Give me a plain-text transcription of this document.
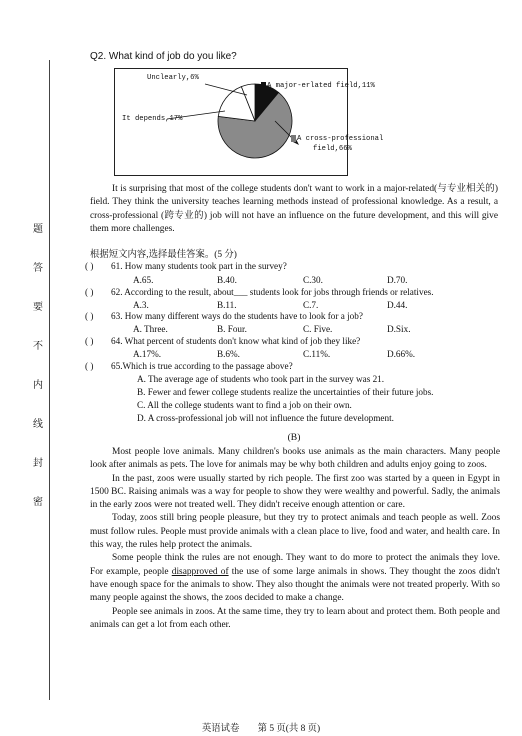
题
答
要
不
内
线
封
密
Q2. What kind of job do you like?
Unclearly,6%
A major-erlated field,11%
It depends,17%
A cross-professional
field,66%
It is surprising that most of the college students don't want to work in a major-related(与专业相关的) field. They think the university teaches learning methods instead of professional knowledge. As a result, a cross-professional (跨专业的) job will not have an influence on the future development, and this will give them more challenges.
根据短文内容,选择最佳答案。(5 分)
( ) 61. How many students took part in the survey?
A.65.	B.40.	C.30.	D.70.
( ) 62. According to the result, about___ students look for jobs through friends or relatives.
A.3.	B.11.	C.7.	D.44.
( ) 63. How many different ways do the students have to look for a job?
A. Three.	B. Four.	C. Five.	D.Six.
( ) 64. What percent of students don't know what kind of job they like?
A.17%.	B.6%.	C.11%.	D.66%.
( ) 65.Which is true according to the passage above?
A. The average age of students who took part in the survey was 21.
B. Fewer and fewer college students realize the uncertainties of their future jobs.
C. All the college students want to find a job on their own.
D. A cross-professional job will not influence the future development.
(B)

Most people love animals. Many children's books use animals as the main characters. Many people look after animals as pets. The love for animals may be why both children and adults enjoy going to zoos.

In the past, zoos were usually started by rich people. The first zoo was started by a queen in Egypt in 1500 BC. Raising animals was a way for people to show they were wealthy and powerful. Sadly, the animals in the early zoos were not treated well. They didn't receive enough attention or care.

Today, zoos still bring people pleasure, but they try to protect animals and teach people as well. Zoos must follow rules. People must provide animals with a clean place to live, food and water, and health care. In this way, the rules help protect the animals.

Some people think the rules are not enough. They want to do more to protect the animals they love. For example, people disapproved of the use of some large animals in shows. They thought the zoos didn't have enough space for the animals to show. They also thought the animals were not treated properly. With so many people against the shows, the zoos decided to make a change.

People see animals in zoos. At the same time, they try to learn about and protect them. Both people and animals can get a lot from each other.

英语试卷 第 5 页(共 8 页)
